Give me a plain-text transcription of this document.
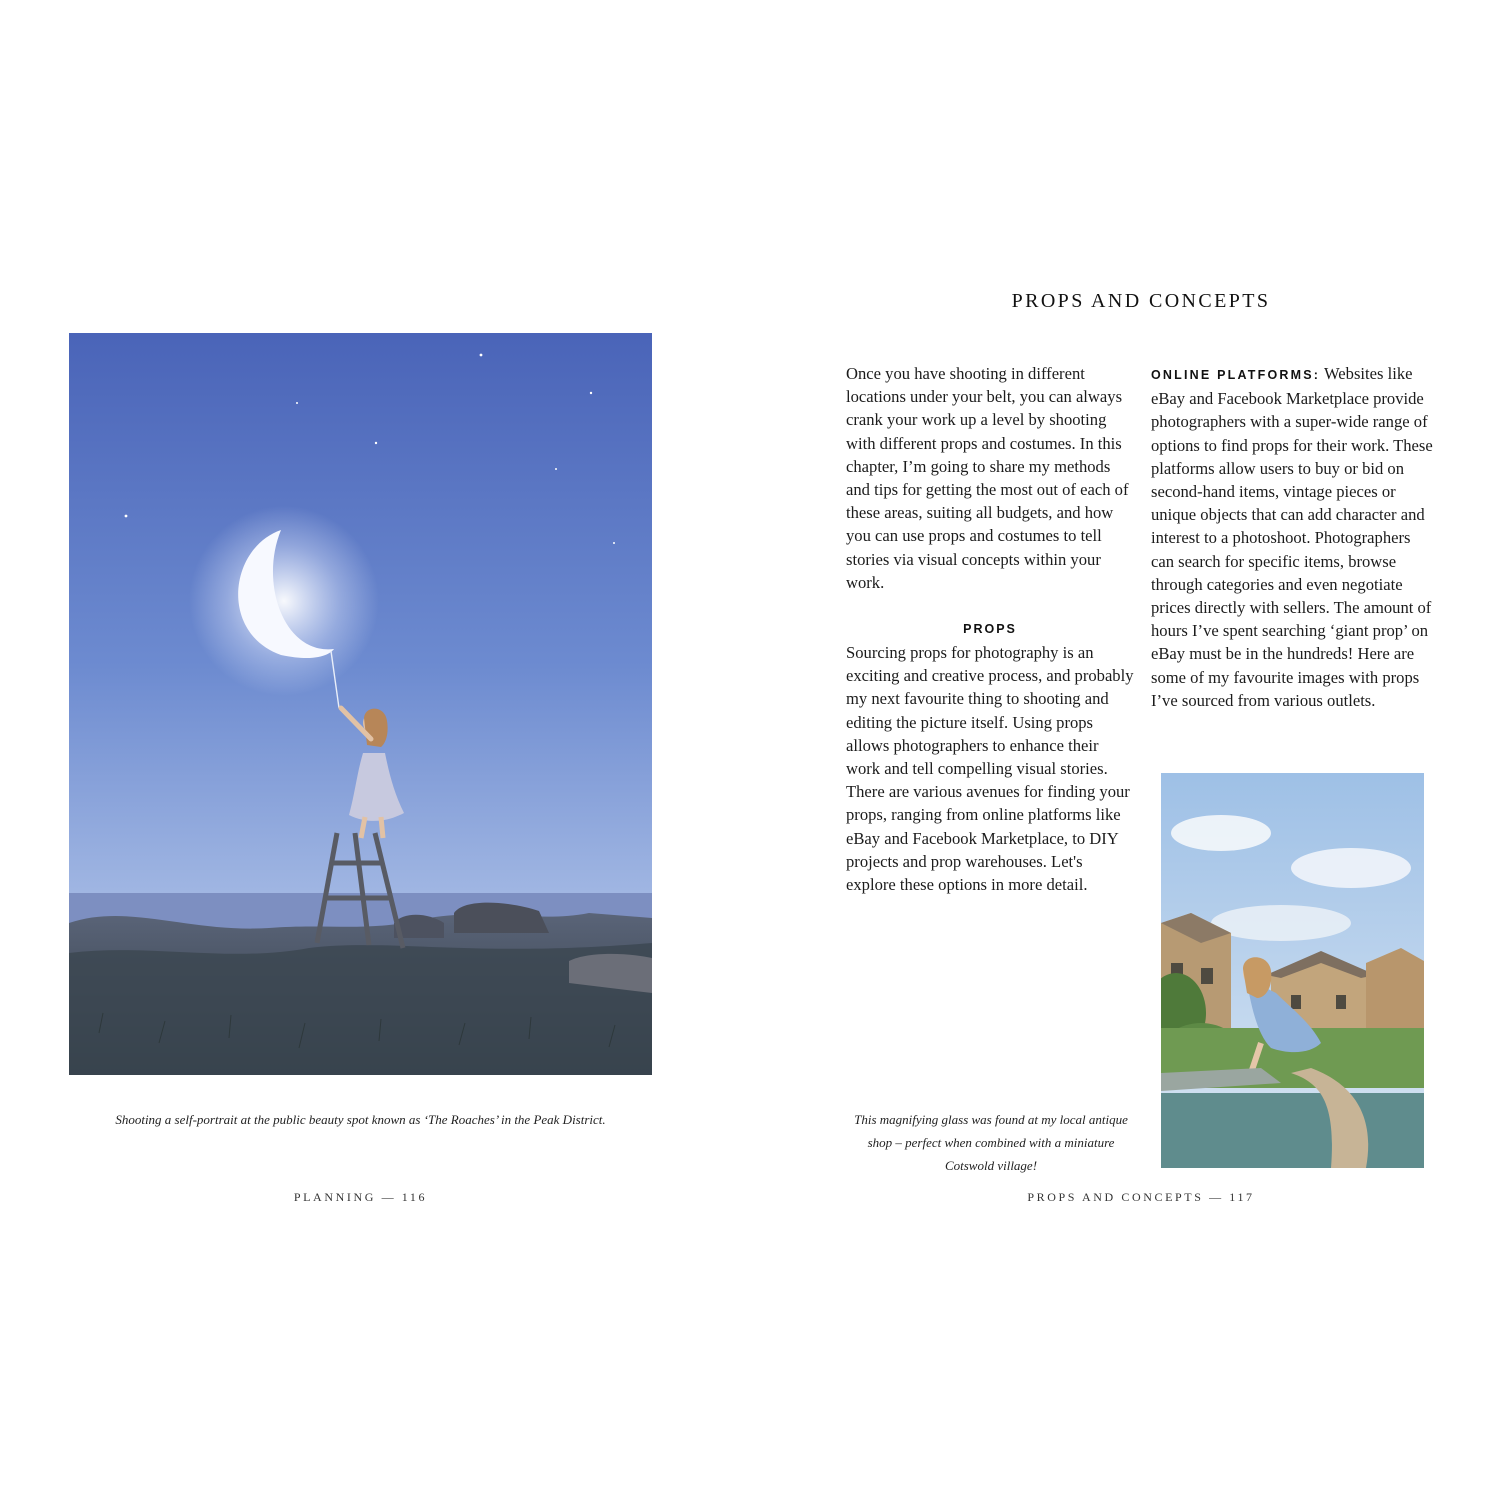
Shooting a self-portrait at the public beauty spot known as ‘The Roaches’ in the Peak District.
PLANNING — 116
PROPS AND CONCEPTS

Once you have shooting in different locations under your belt, you can always crank your work up a level by shooting with different props and costumes. In this chapter, I’m going to share my methods and tips for getting the most out of each of these areas, suiting all budgets, and how you can use props and costumes to tell stories via visual concepts within your work.

PROPS

Sourcing props for photography is an exciting and creative process, and probably my next favourite thing to shooting and editing the picture itself. Using props allows photographers to enhance their work and tell compelling visual stories. There are various avenues for finding your props, ranging from online platforms like eBay and Facebook Marketplace, to DIY projects and prop warehouses. Let's explore these options in more detail.

ONLINE PLATFORMS: Websites like eBay and Facebook Marketplace provide photographers with a super-wide range of options to find props for their work. These platforms allow users to buy or bid on second-hand items, vintage pieces or unique objects that can add character and interest to a photoshoot. Photographers can search for specific items, browse through categories and even negotiate prices directly with sellers. The amount of hours I’ve spent searching ‘giant prop’ on eBay must be in the hundreds! Here are some of my favourite images with props I’ve sourced from various outlets.

This magnifying glass was found at my local antique shop – perfect when combined with a miniature Cotswold village!
PROPS AND CONCEPTS — 117
